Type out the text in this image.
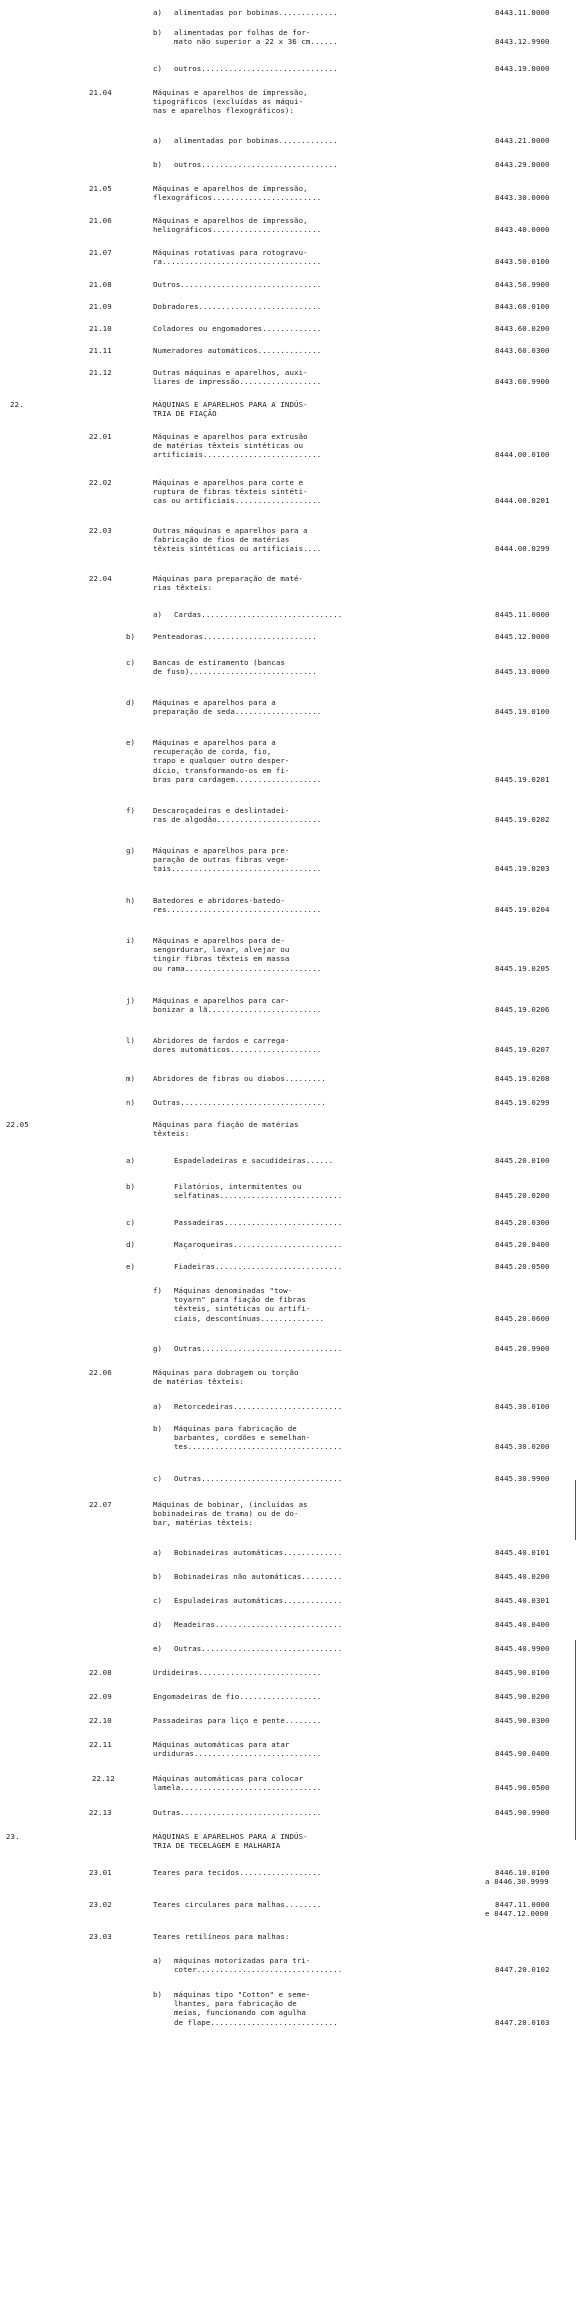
a) alimentadas por bobinas.............	8443.11.0000
b) alimentadas por folhas de for-
mato não superior a 22 x 36 cm......	8443.12.9900
c) outros..............................	8443.19.0000
21.04	Máquinas e aparelhos de impressão,
tipográficos (excluídas as máqui-
nas e aparelhos flexográficos):
a) alimentadas por bobinas.............	8443.21.0000
b) outros..............................	8443.29.0000
21.05	Máquinas e aparelhos de impressão,
flexográficos........................	8443.30.0000
21.06	Máquinas e aparelhos de impressão,
heliográficos........................	8443.40.0000
21.07	Máquinas rotativas para rotogravu-
ra...................................	8443.50.0100
21.08	Outros...............................	8443.50.9900
21.09	Dobradores...........................	8443.60.0100
21.10	Coladores ou engomadores.............	8443.60.0200
21.11	Numeradores automáticos..............	8443.60.0300
21.12	Outras máquinas e aparelhos, auxi-
liares de impressão..................	8443.60.9900
22.	MÁQUINAS E APARELHOS PARA A INDÚS-
TRIA DE FIAÇÃO
22.01	Máquinas e aparelhos para extrusão
de matérias têxteis sintéticas ou
artificiais..........................	8444.00.0100
22.02	Máquinas e aparelhos para corte e
ruptura de fibras têxteis sintéti-
cas ou artificiais...................	8444.00.0201
22.03	Outras máquinas e aparelhos para a
fabricação de fios de matérias
têxteis sintéticas ou artificiais....	8444.00.0299
22.04	Máquinas para preparação de maté-
rias têxteis:
a) Cardas...............................	8445.11.0000
b) Penteadoras.........................	8445.12.0000
c) Bancas de estiramento (bancas
de fuso)............................	8445.13.0000
d) Máquinas e aparelhos para a
preparação de seda...................	8445.19.0100
e) Máquinas e aparelhos para a
recuperação de corda, fio,
trapo e qualquer outro desper-
dício, transformando-os em fi-
bras para cardagem...................	8445.19.0201
f) Descaroçadeiras e deslintadei-
ras de algodão.......................	8445.19.0202
g) Máquinas e aparelhos para pre-
paração de outras fibras vege-
tais.................................	8445.19.0203
h) Batedores e abridores-batedo-
res..................................	8445.19.0204
i) Máquinas e aparelhos para de-
sengordurar, lavar, alvejar ou
tingir fibras têxteis em massa
ou rama..............................	8445.19.0205
j) Máquinas e aparelhos para car-
bonizar a lã.........................	8445.19.0206
l) Abridores de fardos e carrega-
dores automáticos....................	8445.19.0207
m) Abridores de fibras ou diabos.........	8445.19.0208
n) Outras................................	8445.19.0299
22.05	Máquinas para fiação de matérias
têxteis:
a)	Espadeladeiras e sacudideiras......	8445.20.0100
b)	Filatórios, intermitentes ou
selfatinas...........................	8445.20.0200
c)	Passadeiras..........................	8445.20.0300
d)	Maçaroqueiras........................	8445.20.0400
e)	Fiadeiras............................	8445.20.0500
f) Máquinas denominadas "tow-
toyarn" para fiação de fibras
têxteis, sintéticas ou artifi-
ciais, descontínuas..............	8445.20.0600
g) Outras...............................	8445.20.9900
22.06	Máquinas para dobragem ou torção
de matérias têxteis:
a) Retorcedeiras........................	8445.30.0100
b) Máquinas para fabricação de
barbantes, cordões e semelhan-
tes..................................	8445.30.0200
c) Outras...............................	8445.30.9900
22.07	Máquinas de bobinar, (incluídas as
bobinadeiras de trama) ou de do-
bar, matérias têxteis:
a) Bobinadeiras automáticas.............	8445.40.0101
b) Bobinadeiras não automáticas.........	8445.40.0200
c) Espuladeiras automáticas.............	8445.40.0301
d) Meadeiras............................	8445.40.0400
e) Outras...............................	8445.40.9900
22.08	Urdideiras...........................	8445.90.0100
22.09	Engomadeiras de fio..................	8445.90.0200
22.10	Passadeiras para liço e pente........	8445.90.0300
22.11	Máquinas automáticas para atar
urdiduras............................	8445.90.0400
22.12	Máquinas automáticas para colocar
lamela...............................	8445.90.0500
22.13	Outras...............................	8445.90.9900
23.	MÁQUINAS E APARELHOS PARA A INDÚS-
TRIA DE TECELAGEM E MALHARIA
23.01	Teares para tecidos..................	8446.10.0100
a 8446.30.9999
23.02	Teares circulares para malhas........	8447.11.0000
e 8447.12.0000
23.03	Teares retilíneos para malhas:
a) máquinas motorizadas para tri-
coter................................	8447.20.0102
b) máquinas tipo "Cotton" e seme-
lhantes, para fabricação de
meias, funcionando com agulha
de flape............................	8447.20.0103
